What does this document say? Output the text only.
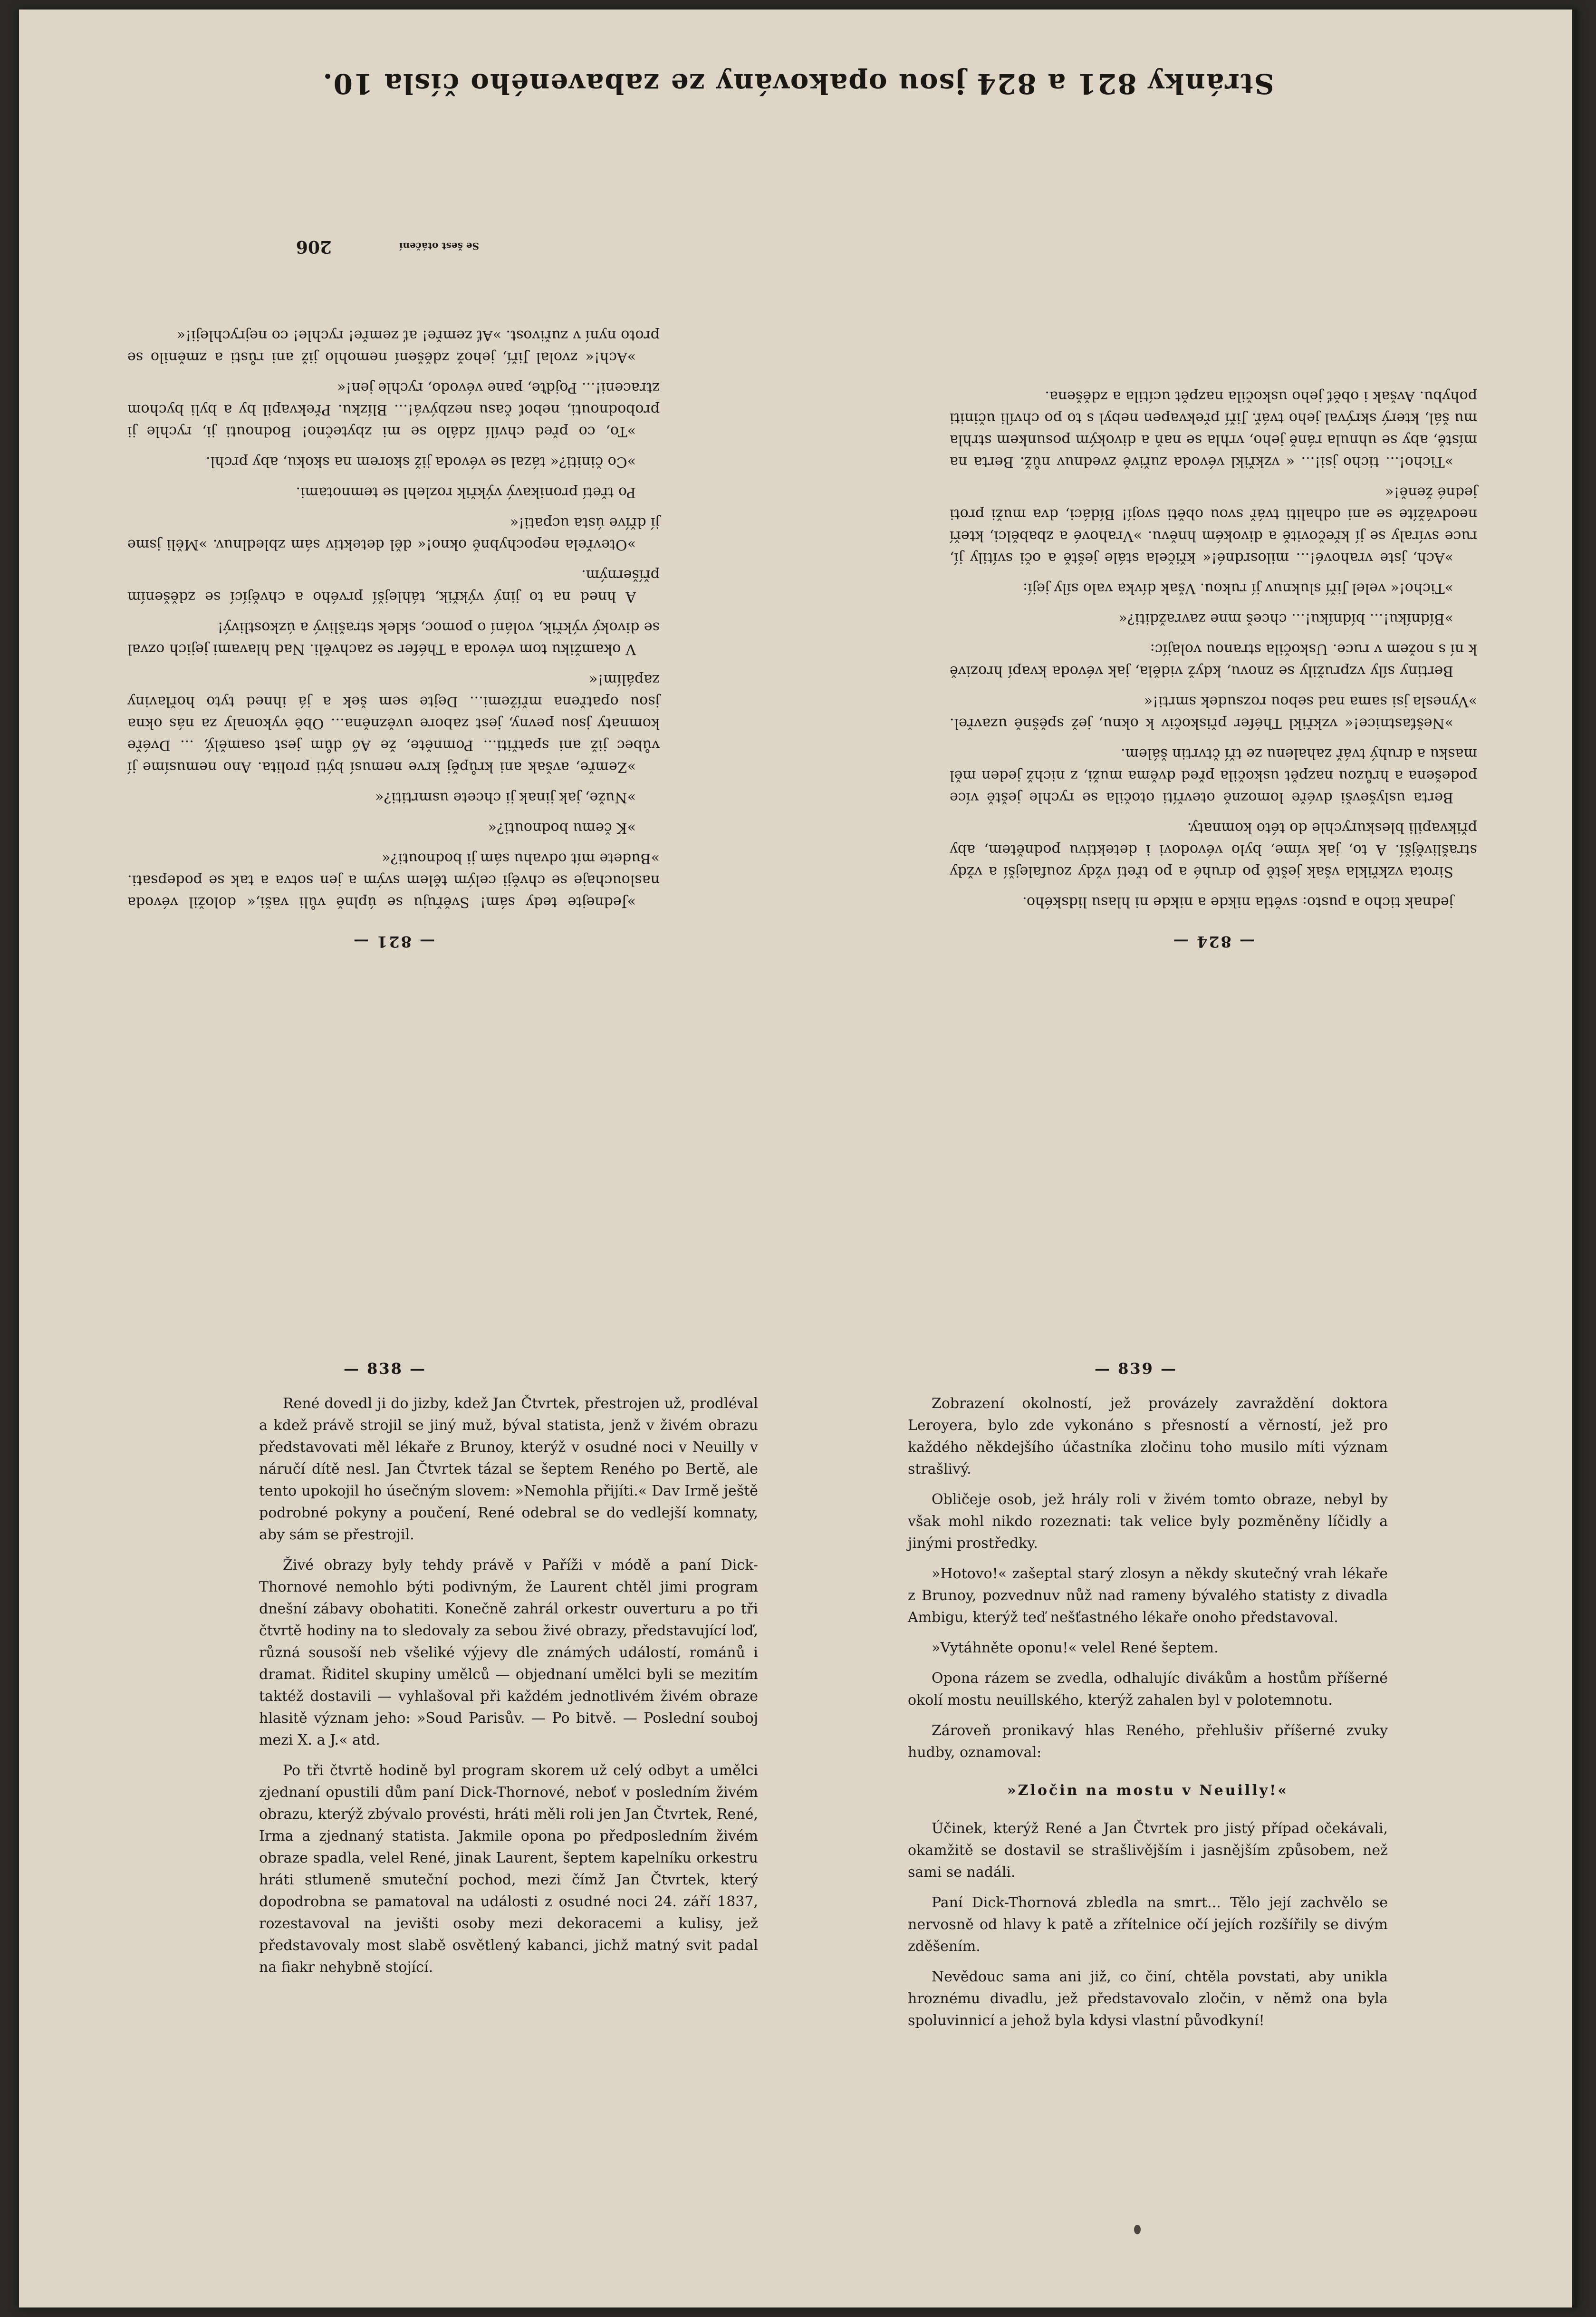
Stránky 821 a 824 jsou opakovány ze zabaveného čísla 10.
— 821 —

»Jednejte tedy sám! Svěřuju se úplně vůli vaši,« doložil vévoda naslouchaje se chvěji celým tělem svým a jen sotva a tak se podepsati. »Budete mít odvahu sám ji bodnouti?«

»K čemu bodnouti?«

»Nuže, jak jinak ji chcete usmrtiti?«

»Zemře, avšak ani krůpěj krve nemusí býti prolita. Ano nemusíme jí vůbec již ani spatřiti... Pomněte, že Aő dům jest osamělý, ... Dvéře komnaty jsou pevny, jest zabore uvězněna... Obě vykonaly za nás okna jsou opatřena mřížemi... Dejte sem šek a já ihned tyto hořlaviny zapálím!«

V okamžiku tom vévoda a Théfer se zachvěli. Nad hlavami jejich ozval se divoký výkřik, volání o pomoc, sklek strašlivý a úzkostlivý!

A hned na to jiný výkřik, táhlejší prvého a chvějící se zděšením příšerným.

»Otevřela nepochybně okno!« děl detektiv sám zbledlnuv. »Měli jsme jí dříve ústa ucpati!«

Po třetí pronikavý výkřik rozlehl se temnotami.

»Co činiti?« tázal se vévoda již skorem na skoku, aby prchl.

»To, co před chvílí zdálo se mi zbytečno! Bodnouti ji, rychle ji probodnouti, neboť času nezbývá!... Blízku. Překvapil by a byli bychom ztraceni!... Pojďte, pane vévodo, rychle jen!«

»Ach!« zvolal Jiří, jehož zděšení nemohlo již ani růsti a změnilo se proto nyní v zuřivost. »Ať zemře! ať zemře! rychle! co nejrychleji!«

Se šest otáčení
206
— 824 —

jednak ticho a pusto: světla nikde a nikde ni hlasu lidského.

Sirota vzkřikla však ještě po druhé a po třetí vždy zoufalejší a vždy strašlivější. A to, jak víme, bylo vévodovi i detektivu podnětem, aby přikvapili bleskurychle do této komnaty.

Berta uslyševši dvéře lomozně otevříti otočila se rychle ještě více podešena a hrůzou nazpět uskočila před dvěma muži, z nichž jeden měl masku a druhý tvář zahalenu ze tří čtvrtin šálem.

»Nešťastnice!« vzkřikl Théfer přiskočiv k oknu, jež spěšně uzavřel. »Vynesla jsi sama nad sebou rozsudek smrti!«

Bertiny síly vzpružily se znovu, když viděla, jak vévoda kvapí hrozivě k ní s nožem v ruce. Uskočila stranou volajíc:

»Bídníku!... bídníku!... chceš mne zavražditi?«

»Ticho!« velel Jiří sluknuv jí rukou. Však dívka valo síly její:

»Ach, jste vrahové!... milosrdné!« křičela stále ještě a oči svítily jí, ruce svíraly se jí křečovitě a divokém hněvu. »Vrahové a zbabělci, kteří neodvážíte se ani odhaliti tvář svou oběti svojí! Bídáci, dva muži proti jedné ženě!«

»Ticho!... ticho jsi!... « vzkřikl vévoda zuřivě zvednuv nůž. Berta na místě, aby se uhnula ráně jeho, vrhla se naň a divokým posunkem strhla mu šál, který skrýval jeho tvář. Jiří překvapen nebyl s to po chvíli učiniti pohybu. Avšak i oběť jeho uskočila nazpět ucítila a zděšena.

— 838 —

René dovedl ji do jizby, kdež Jan Čtvrtek, přestrojen už, prodléval a kdež právě strojil se jiný muž, býval statista, jenž v živém obrazu představovati měl lékaře z Brunoy, kterýž v osudné noci v Neuilly v náručí dítě nesl. Jan Čtvrtek tázal se šeptem Reného po Bertě, ale tento upokojil ho úsečným slovem: »Nemohla přijíti.« Dav Irmě ještě podrobné pokyny a poučení, René odebral se do vedlejší komnaty, aby sám se přestrojil.

Živé obrazy byly tehdy právě v Paříži v módě a paní Dick-Thornové nemohlo býti podivným, že Laurent chtěl jimi program dnešní zábavy obohatiti. Konečně zahrál orkestr ouverturu a po tři čtvrtě hodiny na to sledovaly za sebou živé obrazy, představující loď, různá sousoší neb všeliké výjevy dle známých událostí, románů i dramat. Řiditel skupiny umělců — objednaní umělci byli se mezitím taktéž dostavili — vyhlašoval při každém jednotlivém živém obraze hlasitě význam jeho: »Soud Parisův. — Po bitvě. — Poslední souboj mezi X. a J.« atd.

Po tři čtvrtě hodině byl program skorem už celý odbyt a umělci zjednaní opustili dům paní Dick-Thornové, neboť v posledním živém obrazu, kterýž zbývalo provésti, hráti měli roli jen Jan Čtvrtek, René, Irma a zjednaný statista. Jakmile opona po předposledním živém obraze spadla, velel René, jinak Laurent, šeptem kapelníku orkestru hráti stlumeně smuteční pochod, mezi čímž Jan Čtvrtek, který dopodrobna se pamatoval na události z osudné noci 24. září 1837, rozestavoval na jevišti osoby mezi dekoracemi a kulisy, jež představovaly most slabě osvětlený kabanci, jichž matný svit padal na fiakr nehybně stojící.

— 839 —

Zobrazení okolností, jež provázely zavraždění doktora Leroyera, bylo zde vykonáno s přesností a věrností, jež pro každého někdejšího účastníka zločinu toho musilo míti význam strašlivý.

Obličeje osob, jež hrály roli v živém tomto obraze, nebyl by však mohl nikdo rozeznati: tak velice byly pozměněny líčidly a jinými prostředky.

»Hotovo!« zašeptal starý zlosyn a někdy skutečný vrah lékaře z Brunoy, pozvednuv nůž nad rameny bývalého statisty z divadla Ambigu, kterýž teď nešťastného lékaře onoho představoval.

»Vytáhněte oponu!« velel René šeptem.

Opona rázem se zvedla, odhalujíc divákům a hostům příšerné okolí mostu neuillského, kterýž zahalen byl v polotemnotu.

Zároveň pronikavý hlas Reného, přehlušiv příšerné zvuky hudby, oznamoval:

»Zločin na mostu v Neuilly!«

Účinek, kterýž René a Jan Čtvrtek pro jistý případ očekávali, okamžitě se dostavil se strašlivějším i jasnějším způsobem, než sami se nadáli.

Paní Dick-Thornová zbledla na smrt... Tělo její zachvělo se nervosně od hlavy k patě a zřítelnice očí jejích rozšířily se divým zděšením.

Nevědouc sama ani již, co činí, chtěla povstati, aby unikla hroznému divadlu, jež představovalo zločin, v němž ona byla spoluvinnicí a jehož byla kdysi vlastní původkyní!
